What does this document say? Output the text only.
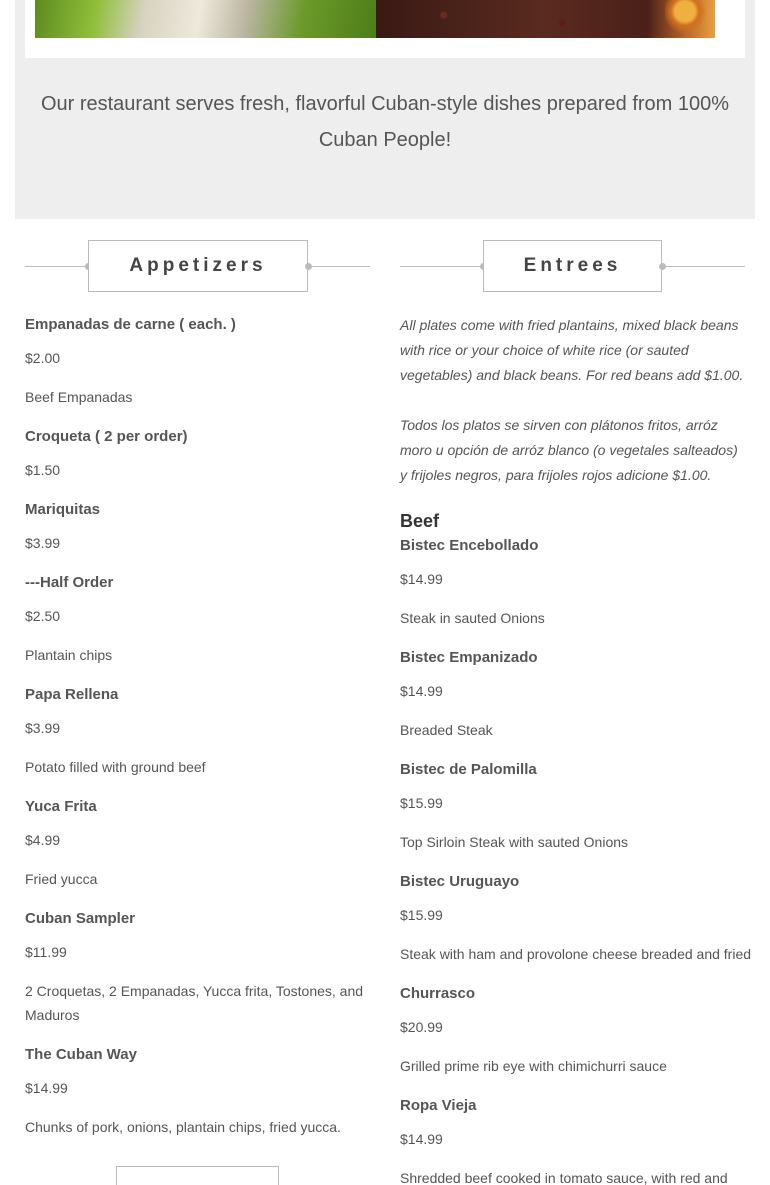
Our restaurant serves fresh, flavorful Cuban-style dishes prepared from 100% Cuban People!

Appetizers	Entrees
Empanadas de carne ( each. )
$2.00
Beef Empanadas
Croqueta ( 2 per order)
$1.50
Mariquitas
$3.99
---Half Order
$2.50
Plantain chips
Papa Rellena
$3.99
Potato filled with ground beef
Yuca Frita
$4.99
Fried yucca
Cuban Sampler
$11.99
2 Croquetas, 2 Empanadas, Yucca frita, Tostones, and Maduros
The Cuban Way
$14.99
Chunks of pork, onions, plantain chips, fried yucca.

All plates come with fried plantains, mixed black beans with rice or your choice of white rice (or sauted vegetables) and black beans. For red beans add $1.00.

Todos los platos se sirven con plátonos fritos, arróz moro u opción de arróz blanco (o vegetales salteados) y frijoles negros, para frijoles rojos adicione $1.00.

Beef
Bistec Encebollado
$14.99
Steak in sauted Onions
Bistec Empanizado
$14.99
Breaded Steak
Bistec de Palomilla
$15.99
Top Sirloin Steak with sauted Onions
Bistec Uruguayo
$15.99
Steak with ham and provolone cheese breaded and fried
Churrasco
$20.99
Grilled prime rib eye with chimichurri sauce
Ropa Vieja
$14.99
Shredded beef cooked in tomato sauce, with red and
